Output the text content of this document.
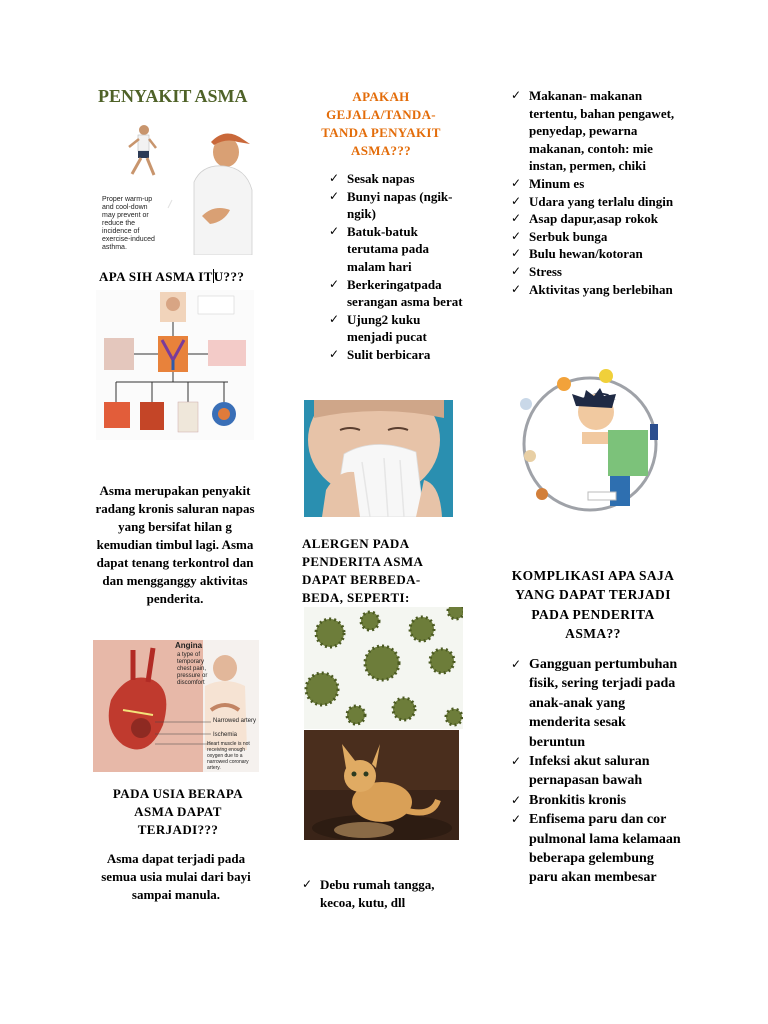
PENYAKIT ASMA
Proper warm-up and cool-down may prevent or reduce the incidence of exercise-induced asthma.
APA SIH ASMA ITU???
Asma merupakan penyakit radang kronis saluran napas yang bersifat hilan g kemudian timbul lagi. Asma dapat tenang terkontrol dan dan mengganggy aktivitas penderita.
Angina
a type of temporary chest pain, pressure or discomfort
Narrowed artery
Ischemia
Heart muscle is not receiving enough oxygen due to a narrowed coronary artery.
PADA USIA BERAPA ASMA DAPAT TERJADI???
Asma dapat terjadi pada semua usia mulai dari bayi sampai manula.
APAKAH GEJALA/TANDA-TANDA PENYAKIT ASMA???
✓ Sesak napas
✓ Bunyi napas (ngik-ngik)
✓ Batuk-batuk terutama pada malam hari
✓ Berkeringatpada serangan asma berat
✓ Ujung2 kuku menjadi pucat
✓ Sulit berbicara
ALERGEN PADA PENDERITA ASMA DAPAT BERBEDA-BEDA, SEPERTI:
✓ Debu rumah tangga, kecoa, kutu, dll
✓ Makanan- makanan tertentu, bahan pengawet, penyedap, pewarna makanan, contoh: mie instan, permen, chiki
✓ Minum es
✓ Udara yang terlalu dingin
✓ Asap dapur,asap rokok
✓ Serbuk bunga
✓ Bulu hewan/kotoran
✓ Stress
✓ Aktivitas yang berlebihan
KOMPLIKASI APA SAJA YANG DAPAT TERJADI PADA PENDERITA ASMA??
✓ Gangguan pertumbuhan fisik, sering terjadi pada anak-anak yang menderita sesak beruntun
✓ Infeksi akut saluran pernapasan bawah
✓ Bronkitis kronis
✓ Enfisema paru dan cor pulmonal lama kelamaan beberapa gelembung paru akan membesar
